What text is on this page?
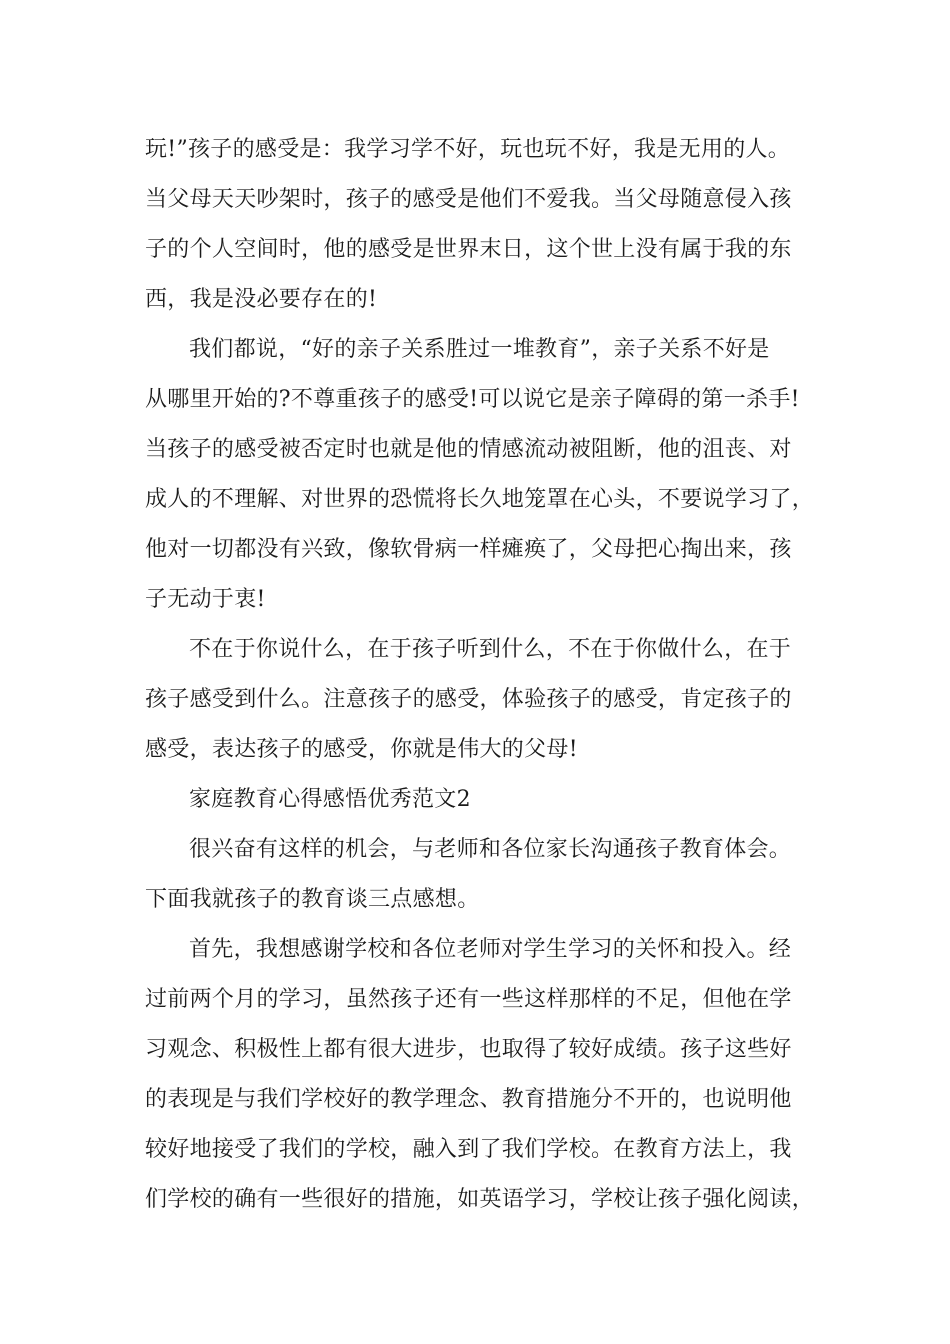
玩!”孩子的感受是：我学习学不好，玩也玩不好，我是无用的人。
当父母天天吵架时，孩子的感受是他们不爱我。当父母随意侵入孩
子的个人空间时，他的感受是世界末日，这个世上没有属于我的东
西，我是没必要存在的!
我们都说，“好的亲子关系胜过一堆教育”，亲子关系不好是
从哪里开始的?不尊重孩子的感受!可以说它是亲子障碍的第一杀手!
当孩子的感受被否定时也就是他的情感流动被阻断，他的沮丧、对
成人的不理解、对世界的恐慌将长久地笼罩在心头，不要说学习了，
他对一切都没有兴致，像软骨病一样瘫痪了，父母把心掏出来，孩
子无动于衷!
不在于你说什么，在于孩子听到什么，不在于你做什么，在于
孩子感受到什么。注意孩子的感受，体验孩子的感受，肯定孩子的
感受，表达孩子的感受，你就是伟大的父母!
家庭教育心得感悟优秀范文2
很兴奋有这样的机会，与老师和各位家长沟通孩子教育体会。
下面我就孩子的教育谈三点感想。
首先，我想感谢学校和各位老师对学生学习的关怀和投入。经
过前两个月的学习，虽然孩子还有一些这样那样的不足，但他在学
习观念、积极性上都有很大进步，也取得了较好成绩。孩子这些好
的表现是与我们学校好的教学理念、教育措施分不开的，也说明他
较好地接受了我们的学校，融入到了我们学校。在教育方法上，我
们学校的确有一些很好的措施，如英语学习，学校让孩子强化阅读，
